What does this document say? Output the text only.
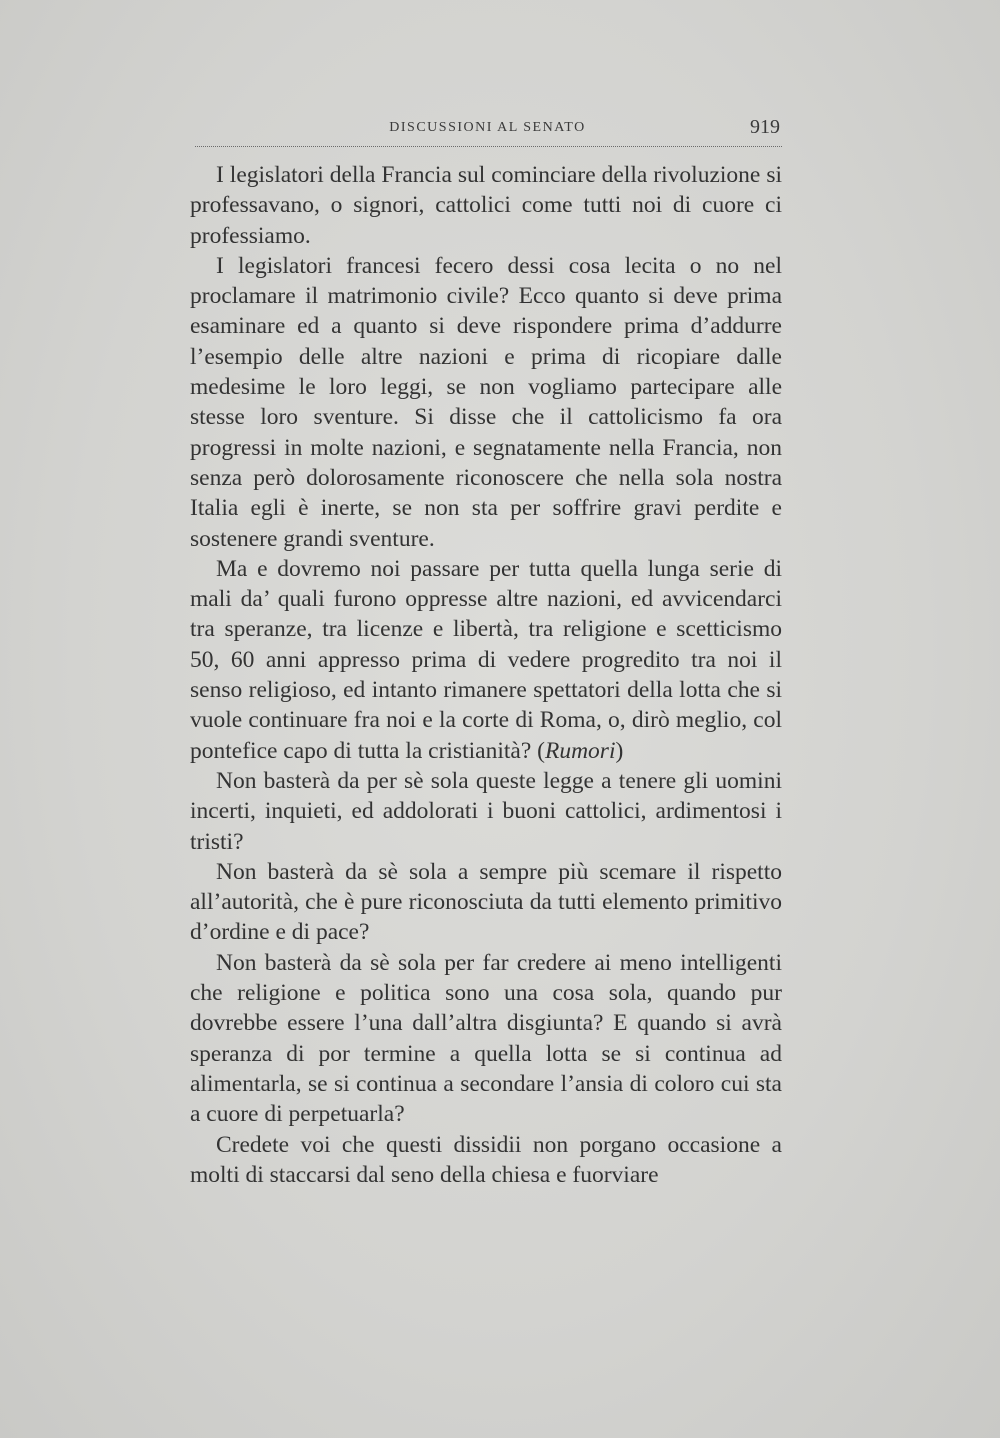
DISCUSSIONI AL SENATO	919

I legislatori della Francia sul cominciare della rivoluzione si professavano, o signori, cattolici come tutti noi di cuore ci professiamo.

I legislatori francesi fecero dessi cosa lecita o no nel proclamare il matrimonio civile? Ecco quanto si deve prima esaminare ed a quanto si deve rispondere prima d’addurre l’esempio delle altre nazioni e prima di ricopiare dalle medesime le loro leggi, se non vogliamo partecipare alle stesse loro sventure. Si disse che il cattolicismo fa ora progressi in molte nazioni, e segnatamente nella Francia, non senza però dolorosamente riconoscere che nella sola nostra Italia egli è inerte, se non sta per soffrire gravi perdite e sostenere grandi sventure.

Ma e dovremo noi passare per tutta quella lunga serie di mali da’ quali furono oppresse altre nazioni, ed avvicendarci tra speranze, tra licenze e libertà, tra religione e scetticismo 50, 60 anni appresso prima di vedere progredito tra noi il senso religioso, ed intanto rimanere spettatori della lotta che si vuole continuare fra noi e la corte di Roma, o, dirò meglio, col pontefice capo di tutta la cristianità? (Rumori)

Non basterà da per sè sola queste legge a tenere gli uomini incerti, inquieti, ed addolorati i buoni cattolici, ardimentosi i tristi?

Non basterà da sè sola a sempre più scemare il rispetto all’autorità, che è pure riconosciuta da tutti elemento primitivo d’ordine e di pace?

Non basterà da sè sola per far credere ai meno intelligenti che religione e politica sono una cosa sola, quando pur dovrebbe essere l’una dall’altra disgiunta? E quando si avrà speranza di por termine a quella lotta se si continua ad alimentarla, se si continua a secondare l’ansia di coloro cui sta a cuore di perpetuarla?

Credete voi che questi dissidii non porgano occasione a molti di staccarsi dal seno della chiesa e fuorviare
